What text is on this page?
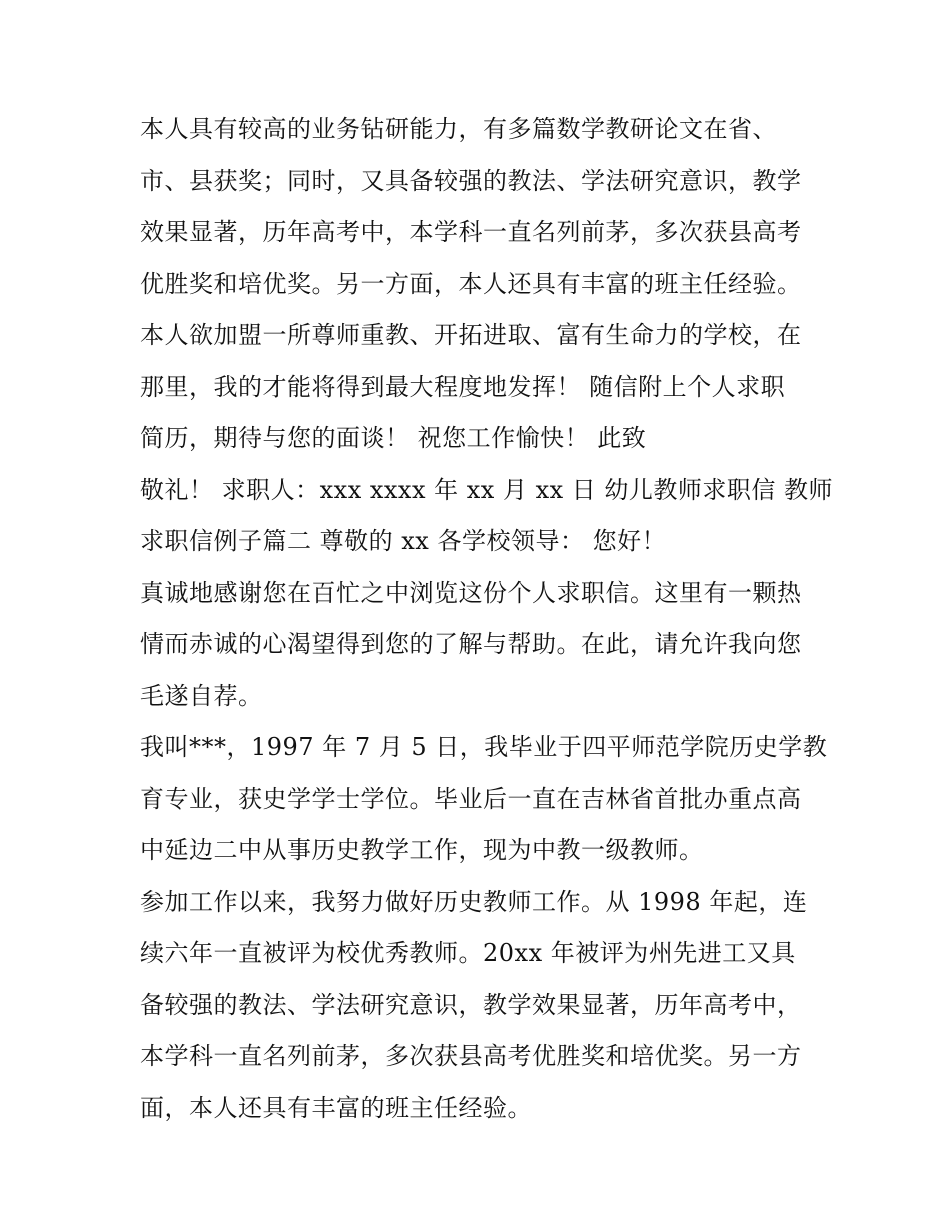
本人具有较高的业务钻研能力，有多篇数学教研论文在省、
市、县获奖；同时，又具备较强的教法、学法研究意识，教学
效果显著，历年高考中，本学科一直名列前茅，多次获县高考
优胜奖和培优奖。另一方面，本人还具有丰富的班主任经验。
本人欲加盟一所尊师重教、开拓进取、富有生命力的学校，在
那里，我的才能将得到最大程度地发挥！ 随信附上个人求职
简历，期待与您的面谈！ 祝您工作愉快！ 此致
敬礼！ 求职人：xxx xxxx 年 xx 月 xx 日 幼儿教师求职信 教师
求职信例子篇二 尊敬的 xx 各学校领导： 您好！
真诚地感谢您在百忙之中浏览这份个人求职信。这里有一颗热
情而赤诚的心渴望得到您的了解与帮助。在此，请允许我向您
毛遂自荐。
我叫***，1997 年 7 月 5 日，我毕业于四平师范学院历史学教
育专业，获史学学士学位。毕业后一直在吉林省首批办重点高
中延边二中从事历史教学工作，现为中教一级教师。
参加工作以来，我努力做好历史教师工作。从 1998 年起，连
续六年一直被评为校优秀教师。20xx 年被评为州先进工又具
备较强的教法、学法研究意识，教学效果显著，历年高考中，
本学科一直名列前茅，多次获县高考优胜奖和培优奖。另一方
面，本人还具有丰富的班主任经验。
